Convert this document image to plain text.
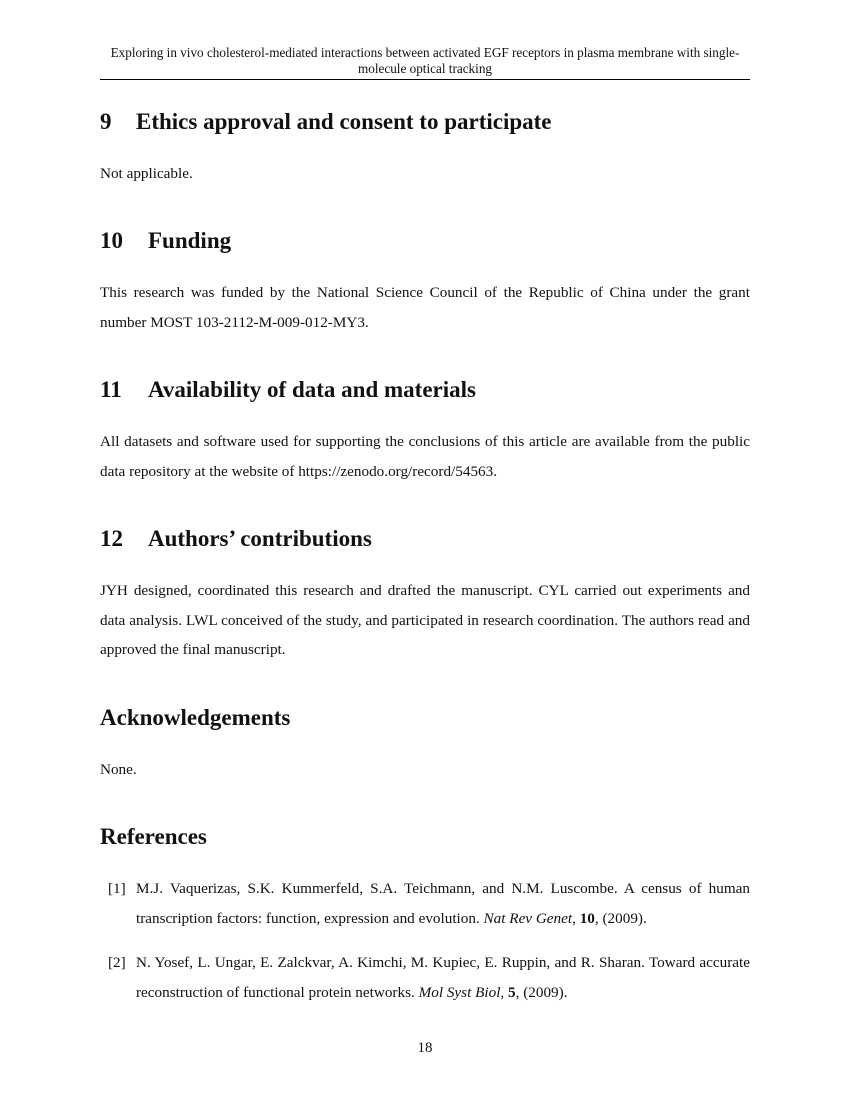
Exploring in vivo cholesterol-mediated interactions between activated EGF receptors in plasma membrane with single-molecule optical tracking
9 Ethics approval and consent to participate

Not applicable.

10 Funding

This research was funded by the National Science Council of the Republic of China under the grant number MOST 103-2112-M-009-012-MY3.

11 Availability of data and materials

All datasets and software used for supporting the conclusions of this article are available from the public data repository at the website of https://zenodo.org/record/54563.

12 Authors’ contributions

JYH designed, coordinated this research and drafted the manuscript. CYL carried out experiments and data analysis. LWL conceived of the study, and participated in research coordination. The authors read and approved the final manuscript.

Acknowledgements

None.

References
[1] M.J. Vaquerizas, S.K. Kummerfeld, S.A. Teichmann, and N.M. Luscombe. A census of human transcription factors: function, expression and evolution. Nat Rev Genet, 10, (2009).
[2] N. Yosef, L. Ungar, E. Zalckvar, A. Kimchi, M. Kupiec, E. Ruppin, and R. Sharan. Toward accurate reconstruction of functional protein networks. Mol Syst Biol, 5, (2009).
18
